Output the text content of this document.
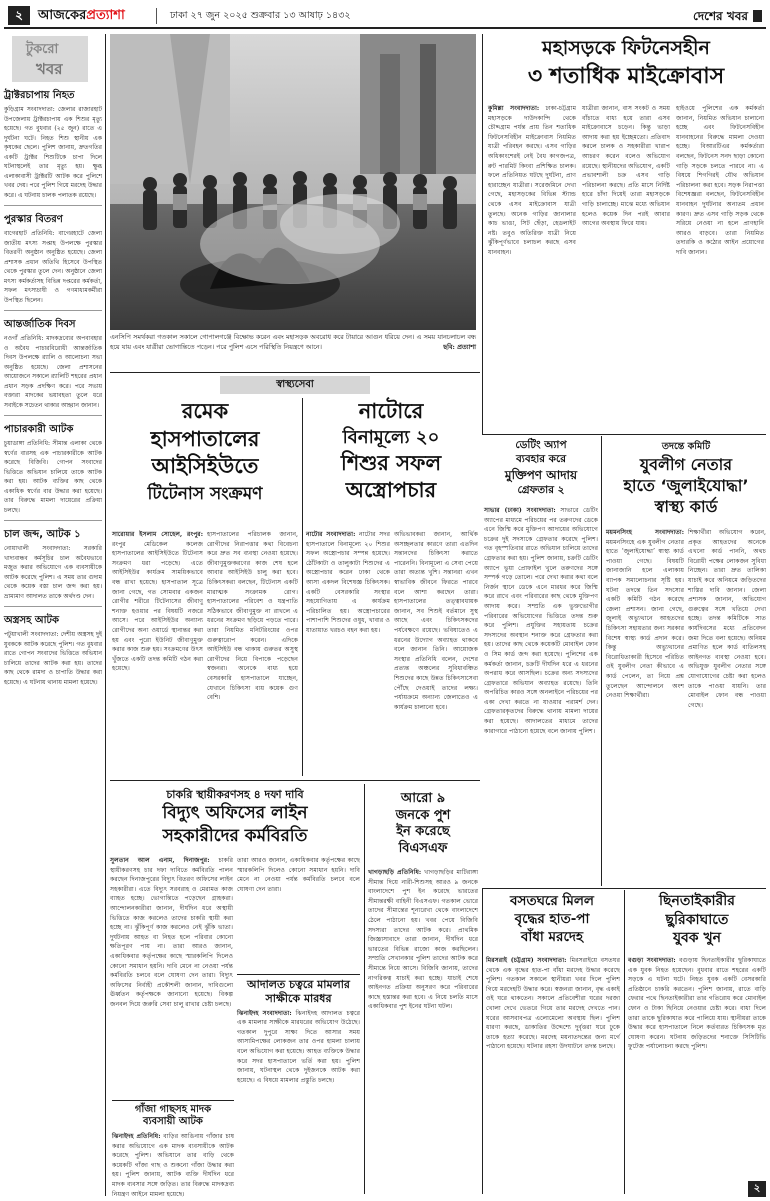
২	আজকেরপ্রত্যাশা	ঢাকা ২৭ জুন ২০২৫ শুক্রবার ১৩ আষাঢ় ১৪৩২	দেশের খবর
টুকরো
খবর
ট্রাক্টরচাপায় নিহত
কুড়িগ্রাম সংবাদদাতা: জেলার রাজারহাট উপজেলায় ট্রাক্টরচাপায় এক শিশুর মৃত্যু হয়েছে। গত বুধবার (২৫ জুন) রাতে এ দুর্ঘটনা ঘটে। নিহত শিশু স্থানীয় এক কৃষকের ছেলে। পুলিশ জানায়, দ্রুতগতির একটি ট্রাক্টর শিশুটিকে চাপা দিলে ঘটনাস্থলেই তার মৃত্যু হয়। ক্ষুব্ধ এলাকাবাসী ট্রাক্টরটি আটক করে পুলিশে খবর দেয়। পরে পুলিশ গিয়ে মরদেহ উদ্ধার করে। এ ঘটনায় চালক পলাতক রয়েছে।
পুরস্কার বিতরণ
বাগেরহাট প্রতিনিধি: বাগেরহাটে জেলা জাতীয় মৎস্য সপ্তাহ উপলক্ষে পুরস্কার বিতরণী অনুষ্ঠান অনুষ্ঠিত হয়েছে। জেলা প্রশাসক প্রধান অতিথি হিসেবে উপস্থিত থেকে পুরস্কার তুলে দেন। অনুষ্ঠানে জেলা মৎস্য কর্মকর্তাসহ বিভিন্ন দপ্তরের কর্মকর্তা, সফল মৎস্যচাষী ও গণমাধ্যমকর্মীরা উপস্থিত ছিলেন।
আন্তর্জাতিক দিবস
নওগাঁ প্রতিনিধি: মাদকদ্রব্যের অপব্যবহার ও অবৈধ পাচারবিরোধী আন্তর্জাতিক দিবস উপলক্ষে র‍্যালি ও আলোচনা সভা অনুষ্ঠিত হয়েছে। জেলা প্রশাসনের আয়োজনে সকালে র‍্যালিটি শহরের প্রধান প্রধান সড়ক প্রদক্ষিণ করে। পরে সভায় বক্তারা মাদকের ভয়াবহতা তুলে ধরে সবাইকে সচেতন থাকার আহ্বান জানান।
পাচারকারী আটক
চুয়াডাঙ্গা প্রতিনিধি: সীমান্ত এলাকা থেকে স্বর্ণের বারসহ এক পাচারকারীকে আটক করেছে বিজিবি। গোপন সংবাদের ভিত্তিতে অভিযান চালিয়ে তাকে আটক করা হয়। আটক ব্যক্তির কাছ থেকে একাধিক স্বর্ণের বার উদ্ধার করা হয়েছে। তার বিরুদ্ধে মামলা দায়েরের প্রক্রিয়া চলছে।
চাল জব্দ, আটক ১
নোয়াখালী সংবাদদাতা: সরকারি খাদ্যবান্ধব কর্মসূচির চাল অবৈধভাবে মজুত করার অভিযোগে এক ব্যবসায়ীকে আটক করেছে পুলিশ। এ সময় তার গুদাম থেকে কয়েক বস্তা চাল জব্দ করা হয়। ভ্রাম্যমাণ আদালত তাকে অর্থদণ্ড দেন।
অস্ত্রসহ আটক
পটুয়াখালী সংবাদদাতা: দেশীয় অস্ত্রসহ দুই যুবককে আটক করেছে পুলিশ। গত বুধবার রাতে গোপন সংবাদের ভিত্তিতে অভিযান চালিয়ে তাদের আটক করা হয়। তাদের কাছ থেকে রামদা ও চাপাতি উদ্ধার করা হয়েছে। এ ঘটনায় থানায় মামলা হয়েছে।
এনসিপি সমর্থকরা গতকাল সকালে গোপালগঞ্জে বিক্ষোভ করেন এবং মহাসড়ক অবরোধ করে টায়ারে আগুন ধরিয়ে দেন। এ সময় যানচলাচল বন্ধ হয়ে যায় এবং যাত্রীরা ভোগান্তিতে পড়েন। পরে পুলিশ এসে পরিস্থিতি নিয়ন্ত্রণে আনে।	ছবি: প্রত্যাশা
মহাসড়কে ফিটনেসহীন
৩ শতাধিক মাইক্রোবাস
কুমিল্লা সংবাদদাতা: ঢাকা-চট্টগ্রাম মহাসড়কে দাউদকান্দি থেকে চৌদ্দগ্রাম পর্যন্ত প্রায় তিন শতাধিক ফিটনেসবিহীন মাইক্রোবাস নিয়মিত যাত্রী পরিবহন করছে। এসব গাড়ির অধিকাংশেরই নেই বৈধ কাগজপত্র, রুট পারমিট কিংবা প্রশিক্ষিত চালক। ফলে প্রতিনিয়ত ঘটছে দুর্ঘটনা, প্রাণ হারাচ্ছেন যাত্রীরা। সরেজমিনে দেখা গেছে, মহাসড়কের বিভিন্ন স্ট্যান্ড থেকে এসব মাইক্রোবাস যাত্রী তুলছে। অনেক গাড়ির জানালার কাচ ভাঙা, সিট ছেঁড়া, হেডলাইট নষ্ট। তবুও অতিরিক্ত যাত্রী নিয়ে ঝুঁকিপূর্ণভাবে চলাচল করছে এসব যানবাহন।
যাত্রীরা জানান, বাস সংকট ও সময় বাঁচাতে বাধ্য হয়ে তারা এসব মাইক্রোবাসে চড়েন। কিন্তু ভাড়া আদায় করা হয় ইচ্ছেমতো। প্রতিবাদ করলে চালক ও সহকারীরা খারাপ আচরণ করেন বলেও অভিযোগ রয়েছে। স্থানীয়দের অভিযোগ, একটি প্রভাবশালী চক্র এসব গাড়ি পরিচালনা করছে। প্রতি মাসে নির্দিষ্ট হারে চাঁদা দিয়েই তারা মহাসড়কে গাড়ি চালাচ্ছে। মাঝে মধ্যে অভিযান হলেও কয়েক দিন পরই আবার আগের অবস্থায় ফিরে যায়।
হাইওয়ে পুলিশের এক কর্মকর্তা জানান, নিয়মিত অভিযান চালানো হচ্ছে এবং ফিটনেসবিহীন যানবাহনের বিরুদ্ধে মামলা দেওয়া হচ্ছে। বিআরটিএর কর্মকর্তারা বলছেন, ফিটনেস সনদ ছাড়া কোনো গাড়ি সড়কে চলতে পারবে না। এ বিষয়ে শিগগিরই যৌথ অভিযান পরিচালনা করা হবে। সড়ক নিরাপত্তা বিশেষজ্ঞরা বলছেন, ফিটনেসবিহীন যানবাহন দুর্ঘটনার অন্যতম প্রধান কারণ। দ্রুত এসব গাড়ি সড়ক থেকে সরিয়ে নেওয়া না হলে প্রাণহানি আরও বাড়বে। তারা নিয়মিত তদারকি ও কঠোর আইন প্রয়োগের দাবি জানান।
স্বাস্থ্যসেবা
রমেক
হাসপাতালের
আইসিইউতে
টিটেনাস সংক্রমণ
নাটোরে
বিনামূল্যে ২০
শিশুর সফল
অস্ত্রোপচার
সারোয়ার ইসলাম সোহেল, রংপুর: রংপুর মেডিকেল কলেজ হাসপাতালের আইসিইউতে টিটেনাস সংক্রমণ ধরা পড়েছে। এতে আইসিইউর কার্যক্রম সাময়িকভাবে বন্ধ রাখা হয়েছে। হাসপাতাল সূত্রে জানা গেছে, গত সোমবার একজন রোগীর শরীরে টিটেনাসের জীবাণু শনাক্ত হওয়ার পর বিষয়টি নজরে আসে। পরে আইসিইউর অন্যান্য রোগীদের অন্য ওয়ার্ডে স্থানান্তর করা হয় এবং পুরো ইউনিট জীবাণুমুক্ত করার কাজ শুরু হয়। সংক্রমণের উৎস খুঁজতে একটি তদন্ত কমিটি গঠন করা হয়েছে।
হাসপাতালের পরিচালক জানান, রোগীদের নিরাপত্তার কথা বিবেচনা করে দ্রুত সব ব্যবস্থা নেওয়া হয়েছে। জীবাণুমুক্তকরণের কাজ শেষ হলে আবার আইসিইউ চালু করা হবে। চিকিৎসকরা বলছেন, টিটেনাস একটি মারাত্মক সংক্রামক রোগ। হাসপাতালের পরিবেশ ও যন্ত্রপাতি সঠিকভাবে জীবাণুমুক্ত না রাখলে এ ধরনের সংক্রমণ ছড়িয়ে পড়তে পারে। তারা নিয়মিত মনিটরিংয়ের ওপর গুরুত্বারোপ করেন। এদিকে আইসিইউ বন্ধ থাকায় গুরুতর অসুস্থ রোগীদের নিয়ে বিপাকে পড়েছেন স্বজনরা। অনেকে বাধ্য হয়ে বেসরকারি হাসপাতালে যাচ্ছেন, যেখানে চিকিৎসা ব্যয় কয়েক গুণ বেশি।
নাটোর সংবাদদাতা: নাটোর সদর হাসপাতালে বিনামূল্যে ২০ শিশুর সফল অস্ত্রোপচার সম্পন্ন হয়েছে। ঠোঁটকাটা ও তালুকাটা শিশুদের এ অস্ত্রোপচার করেন ঢাকা থেকে আসা একদল বিশেষজ্ঞ চিকিৎসক। একটি বেসরকারি সংস্থার সহযোগিতায় এ কার্যক্রম পরিচালিত হয়। অস্ত্রোপচারের পাশাপাশি শিশুদের ওষুধ, খাবার ও যাতায়াত খরচও বহন করা হয়।
অভিভাবকরা জানান, আর্থিক অসচ্ছলতার কারণে তারা এতদিন সন্তানদের চিকিৎসা করাতে পারেননি। বিনামূল্যে এ সেবা পেয়ে তারা অত্যন্ত খুশি। সন্তানরা এখন স্বাভাবিক জীবনে ফিরতে পারবে বলে আশা করছেন তারা। হাসপাতালের তত্ত্বাবধায়ক জানান, সব শিশুই বর্তমানে সুস্থ আছে এবং চিকিৎসকদের পর্যবেক্ষণে রয়েছে। ভবিষ্যতেও এ ধরনের উদ্যোগ অব্যাহত থাকবে বলে জানান তিনি। আয়োজক সংস্থার প্রতিনিধি বলেন, দেশের প্রত্যন্ত অঞ্চলের সুবিধাবঞ্চিত শিশুদের কাছে উন্নত চিকিৎসাসেবা পৌঁছে দেওয়াই তাদের লক্ষ্য। পর্যায়ক্রমে অন্যান্য জেলাতেও এ কার্যক্রম চালানো হবে।
ডেটিং অ্যাপ
ব্যবহার করে
মুক্তিপণ আদায়
গ্রেফতার ২
সাভার (ঢাকা) সংবাদদাতা: সাভারে ডেটিং অ্যাপের মাধ্যমে পরিচয়ের পর তরুণদের ডেকে এনে জিম্মি করে মুক্তিপণ আদায়ের অভিযোগে চক্রের দুই সদস্যকে গ্রেফতার করেছে পুলিশ। গত বৃহস্পতিবার রাতে অভিযান চালিয়ে তাদের গ্রেফতার করা হয়। পুলিশ জানায়, চক্রটি ডেটিং অ্যাপে ভুয়া প্রোফাইল খুলে তরুণদের সঙ্গে সম্পর্ক গড়ে তোলে। পরে দেখা করার কথা বলে নির্জন স্থানে ডেকে এনে মারধর করে জিম্মি করে রাখে এবং পরিবারের কাছ থেকে মুক্তিপণ আদায় করে। সম্প্রতি এক ভুক্তভোগীর পরিবারের অভিযোগের ভিত্তিতে তদন্ত শুরু করে পুলিশ। প্রযুক্তির সহায়তায় চক্রের সদস্যদের অবস্থান শনাক্ত করে গ্রেফতার করা হয়। তাদের কাছ থেকে কয়েকটি মোবাইল ফোন ও সিম কার্ড জব্দ করা হয়েছে। পুলিশের এক কর্মকর্তা জানান, চক্রটি দীর্ঘদিন ধরে এ ধরনের অপরাধ করে আসছিল। চক্রের অন্য সদস্যদের গ্রেফতারে অভিযান অব্যাহত রয়েছে। তিনি অপরিচিত কারও সঙ্গে অনলাইনে পরিচয়ের পর একা দেখা করতে না যাওয়ার পরামর্শ দেন। গ্রেফতারকৃতদের বিরুদ্ধে থানায় মামলা দায়ের করা হয়েছে। আদালতের মাধ্যমে তাদের কারাগারে পাঠানো হয়েছে বলে জানায় পুলিশ।
তদন্তে কমিটি
যুবলীগ নেতার
হাতে ‘জুলাইযোদ্ধা’
স্বাস্থ্য কার্ড
ময়মনসিংহ সংবাদদাতা: ময়মনসিংহে এক যুবলীগ নেতার হাতে ‘জুলাইযোদ্ধা’ স্বাস্থ্য কার্ড পাওয়া গেছে। বিষয়টি জানাজানি হলে এলাকায় ব্যাপক সমালোচনার সৃষ্টি হয়। ঘটনা তদন্তে তিন সদস্যের একটি কমিটি গঠন করেছে জেলা প্রশাসন। জানা গেছে, জুলাই অভ্যুত্থানে আহতদের চিকিৎসা সহায়তার জন্য সরকার বিশেষ স্বাস্থ্য কার্ড প্রদান করে। কিন্তু অভ্যুত্থানের বিরোধিতাকারী হিসেবে পরিচিত ওই যুবলীগ নেতা কীভাবে এ কার্ড পেলেন, তা নিয়ে প্রশ্ন তুলেছেন আন্দোলনে অংশ নেওয়া শিক্ষার্থীরা।
শিক্ষার্থীরা অভিযোগ করেন, প্রকৃত আহতদের অনেকে এখনো কার্ড পাননি, অথচ বিরোধী পক্ষের লোকজন সুবিধা নিচ্ছেন। তারা দ্রুত তালিকা যাচাই করে অনিয়মে জড়িতদের শাস্তির দাবি জানান। জেলা প্রশাসক জানান, অভিযোগ গুরুত্বের সঙ্গে খতিয়ে দেখা হচ্ছে। তদন্ত কমিটিকে সাত কার্যদিবসের মধ্যে প্রতিবেদন জমা দিতে বলা হয়েছে। অনিয়ম প্রমাণিত হলে কার্ড বাতিলসহ আইনগত ব্যবস্থা নেওয়া হবে। অভিযুক্ত যুবলীগ নেতার সঙ্গে যোগাযোগের চেষ্টা করা হলেও তাকে পাওয়া যায়নি। তার মোবাইল ফোন বন্ধ পাওয়া গেছে।
চাকরি স্থায়ীকরণসহ ৪ দফা দাবি
বিদ্যুৎ অফিসের লাইন
সহকারীদের কর্মবিরতি
সুলতান আল এনাম, দিনাজপুর: চাকরি স্থায়ীকরণসহ চার দফা দাবিতে কর্মবিরতি পালন করছেন দিনাজপুরের বিদ্যুৎ বিতরণ অফিসের লাইন সহকারীরা। এতে বিদ্যুৎ সরবরাহ ও মেরামত কাজ ব্যাহত হচ্ছে। ভোগান্তিতে পড়েছেন গ্রাহকরা। আন্দোলনকারীরা জানান, দীর্ঘদিন ধরে অস্থায়ী ভিত্তিতে কাজ করলেও তাদের চাকরি স্থায়ী করা হচ্ছে না। ঝুঁকিপূর্ণ কাজ করলেও নেই ঝুঁকি ভাতা। দুর্ঘটনায় আহত বা নিহত হলে পরিবার কোনো ক্ষতিপূরণ পায় না। তারা আরও জানান, একাধিকবার কর্তৃপক্ষের কাছে স্মারকলিপি দিলেও কোনো সমাধান হয়নি। দাবি মেনে না নেওয়া পর্যন্ত কর্মবিরতি চলবে বলে ঘোষণা দেন তারা। বিদ্যুৎ অফিসের নির্বাহী প্রকৌশলী জানান, দাবিগুলো ঊর্ধ্বতন কর্তৃপক্ষকে জানানো হয়েছে। বিকল্প জনবল দিয়ে জরুরি সেবা চালু রাখার চেষ্টা চলছে।
তারা আরও জানান, একাধিকবার কর্তৃপক্ষের কাছে স্মারকলিপি দিলেও কোনো সমাধান হয়নি। দাবি মেনে না নেওয়া পর্যন্ত কর্মবিরতি চলবে বলে ঘোষণা দেন তারা।
আদালত চত্বরে মামলার
সাক্ষীকে মারধর
ঝিনাইদহ সংবাদদাতা: ঝিনাইদহ আদালত চত্বরে এক মামলার সাক্ষীকে মারধরের অভিযোগ উঠেছে। গতকাল দুপুরে সাক্ষ্য দিতে আসার সময় আসামিপক্ষের লোকজন তার ওপর হামলা চালায় বলে অভিযোগ করা হয়েছে। আহত ব্যক্তিকে উদ্ধার করে সদর হাসপাতালে ভর্তি করা হয়। পুলিশ জানায়, ঘটনাস্থল থেকে দুইজনকে আটক করা হয়েছে। এ বিষয়ে মামলার প্রস্তুতি চলছে।
গাঁজা গাছসহ মাদক
ব্যবসায়ী আটক
ঝিনাইদহ প্রতিনিধি: বাড়ির আঙিনায় গাঁজার চাষ করার অভিযোগে এক মাদক ব্যবসায়ীকে আটক করেছে পুলিশ। অভিযানে তার বাড়ি থেকে কয়েকটি গাঁজা গাছ ও শুকনো গাঁজা উদ্ধার করা হয়। পুলিশ জানায়, আটক ব্যক্তি দীর্ঘদিন ধরে মাদক ব্যবসার সঙ্গে জড়িত। তার বিরুদ্ধে মাদকদ্রব্য নিয়ন্ত্রণ আইনে মামলা হয়েছে।
আরো ৯
জনকে পুশ
ইন করেছে
বিএসএফ
খাগড়াছড়ি প্রতিনিধি: খাগড়াছড়ির মাটিরাঙ্গা সীমান্ত দিয়ে নারী-শিশুসহ আরও ৯ জনকে বাংলাদেশে পুশ ইন করেছে ভারতের সীমান্তরক্ষী বাহিনী বিএসএফ। গতকাল ভোরে তাদের সীমান্তের শূন্যরেখা থেকে বাংলাদেশে ঠেলে পাঠানো হয়। খবর পেয়ে বিজিবি সদস্যরা তাদের আটক করে। প্রাথমিক জিজ্ঞাসাবাদে তারা জানান, দীর্ঘদিন ধরে ভারতের বিভিন্ন রাজ্যে কাজ করছিলেন। সম্প্রতি সেখানকার পুলিশ তাদের আটক করে সীমান্তে নিয়ে আসে। বিজিবি জানায়, তাদের নাগরিকত্ব যাচাই করা হচ্ছে। যাচাই শেষে আইনগত প্রক্রিয়া অনুসরণ করে পরিবারের কাছে হস্তান্তর করা হবে। এ নিয়ে চলতি মাসে একাধিকবার পুশ ইনের ঘটনা ঘটল।
বসতঘরে মিলল
বৃদ্ধের হাত-পা
বাঁধা মরদেহ
মিরসরাই (চট্টগ্রাম) সংবাদদাতা: মিরসরাইয়ে বসতঘর থেকে এক বৃদ্ধের হাত-পা বাঁধা মরদেহ উদ্ধার করেছে পুলিশ। গতকাল সকালে স্থানীয়রা খবর দিলে পুলিশ গিয়ে মরদেহটি উদ্ধার করে। স্বজনরা জানান, বৃদ্ধ একাই ওই ঘরে থাকতেন। সকালে প্রতিবেশীরা ঘরের দরজা খোলা দেখে ভেতরে গিয়ে তার মরদেহ দেখতে পান। ঘরের আসবাবপত্র এলোমেলো অবস্থায় ছিল। পুলিশ ধারণা করছে, ডাকাতির উদ্দেশ্যে দুর্বৃত্তরা ঘরে ঢুকে তাকে হত্যা করেছে। মরদেহ ময়নাতদন্তের জন্য মর্গে পাঠানো হয়েছে। ঘটনার রহস্য উদঘাটনে তদন্ত চলছে।
ছিনতাইকারীর
ছুরিকাঘাতে
যুবক খুন
বগুড়া সংবাদদাতা: বগুড়ায় ছিনতাইকারীর ছুরিকাঘাতে এক যুবক নিহত হয়েছেন। বুধবার রাতে শহরের একটি সড়কে এ ঘটনা ঘটে। নিহত যুবক একটি বেসরকারি প্রতিষ্ঠানে চাকরি করতেন। পুলিশ জানায়, রাতে বাড়ি ফেরার পথে ছিনতাইকারীরা তার গতিরোধ করে মোবাইল ফোন ও টাকা ছিনিয়ে নেওয়ার চেষ্টা করে। বাধা দিলে তারা তাকে ছুরিকাঘাত করে পালিয়ে যায়। স্থানীয়রা তাকে উদ্ধার করে হাসপাতালে নিলে কর্তব্যরত চিকিৎসক মৃত ঘোষণা করেন। ঘটনায় জড়িতদের শনাক্তে সিসিটিভি ফুটেজ পর্যালোচনা করছে পুলিশ।
২
